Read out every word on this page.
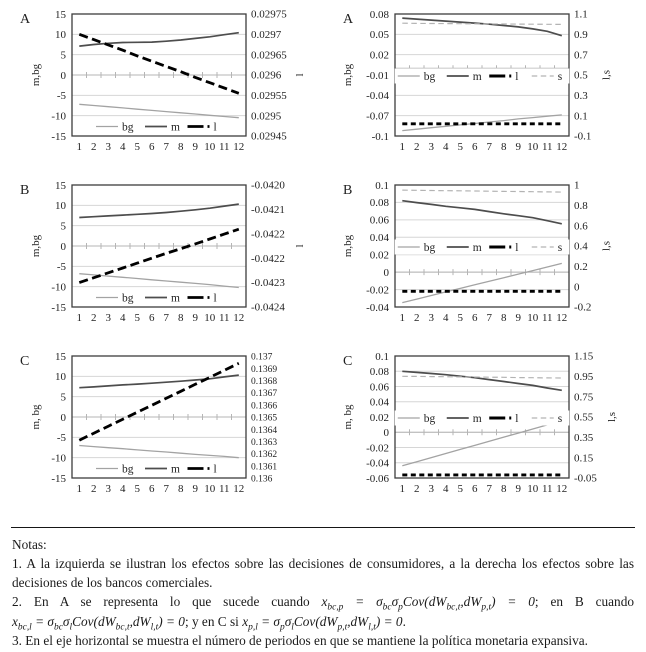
A 15
10
5
0
-5
-10
-15
0.02975
0.0297
0.02965
0.0296
0.02955
0.0295
0.02945
1 2 3 4 5 6 7 8 9 10 11 12
m,bg	l
bg	m	l
A 0.08
0.05
0.02
-0.01
-0.04
-0.07
-0.1
1.1
0.9
0.7
0.5
0.3
0.1
-0.1
1 2 3 4 5 6 7 8 9 10 11 12
m,bg	l,s
bg	m	l	s
B 15
10
5
0
-5
-10
-15
-0.0420
-0.0421
-0.0422
-0.0422
-0.0423
-0.0424
1 2 3 4 5 6 7 8 9 10 11 12
m,bg	l
bg	m	l
B 0.1
0.08
0.06
0.04
0.02
0
-0.02
-0.04
1
0.8
0.6
0.4
0.2
0
-0.2
1 2 3 4 5 6 7 8 9 10 11 12
m,bg	l,s
bg	m	l	s
C 15
10
5
0
-5
-10
-15
0.137
0.1369
0.1368
0.1367
0.1366
0.1365
0.1364
0.1363
0.1362
0.1361
0.136
1 2 3 4 5 6 7 8 9 10 11 12
m, bg
bg	m	l
C 0.1
0.08
0.06
0.04
0.02
0
-0.02
-0.04
-0.06
1.15
0.95
0.75
0.55
0.35
0.15
-0.05
1 2 3 4 5 6 7 8 9 10 11 12
m, bg	l,s
bg	m	l	s

Notas:

1. A la izquierda se ilustran los efectos sobre las decisiones de consumidores, a la derecha los efectos sobre las decisiones de los bancos comerciales.

2. En A se representa lo que sucede cuando $x_{bc,p} = \sigma_{bc}\sigma_pCov(dW_{bc,t},dW_{p,t}) = 0$; en B cuando $x_{bc,l} = \sigma_{bc}\sigma_lCov(dW_{bc,t},dW_{l,t}) = 0$; y en C si $x_{p,l} = \sigma_p\sigma_lCov(dW_{p,t},dW_{l,t}) = 0$.

3. En el eje horizontal se muestra el número de periodos en que se mantiene la política monetaria expansiva.
